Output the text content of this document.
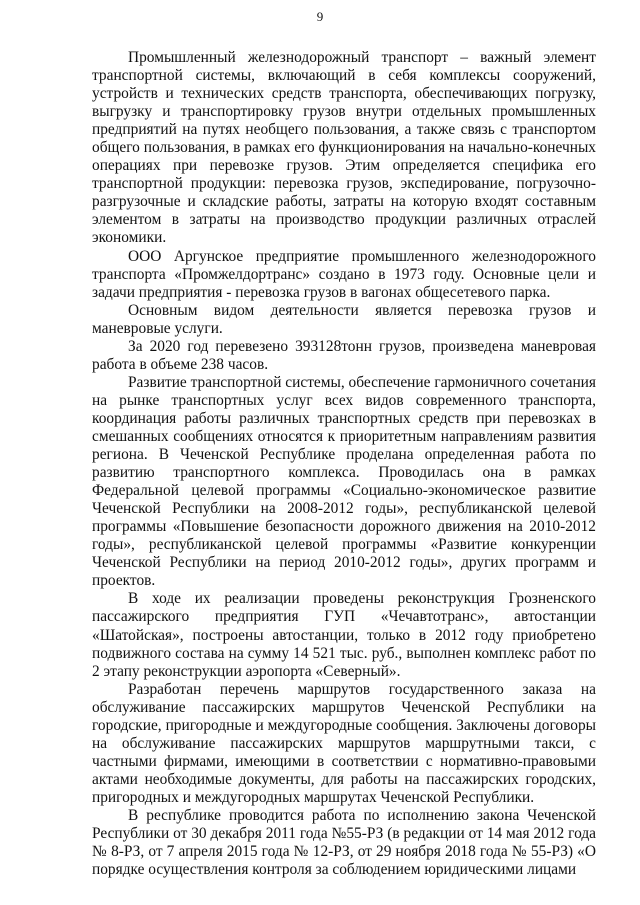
9

Промышленный железнодорожный транспорт – важный элемент транспортной системы, включающий в себя комплексы сооружений, устройств и технических средств транспорта, обеспечивающих погрузку, выгрузку и транспортировку грузов внутри отдельных промышленных предприятий на путях необщего пользования, а также связь с транспортом общего пользования, в рамках его функционирования на начально-конечных операциях при перевозке грузов. Этим определяется специфика его транспортной продукции: перевозка грузов, экспедирование, погрузочно-разгрузочные и складские работы, затраты на которую входят составным элементом в затраты на производство продукции различных отраслей экономики.

ООО Аргунское предприятие промышленного железнодорожного транспорта «Промжелдортранс» создано в 1973 году. Основные цели и задачи предприятия - перевозка грузов в вагонах общесетевого парка.

Основным видом деятельности является перевозка грузов и маневровые услуги.

За 2020 год перевезено 393128тонн грузов, произведена маневровая работа в объеме 238 часов.

Развитие транспортной системы, обеспечение гармоничного сочетания на рынке транспортных услуг всех видов современного транспорта, координация работы различных транспортных средств при перевозках в смешанных сообщениях относятся к приоритетным направлениям развития региона. В Чеченской Республике проделана определенная работа по развитию транспортного комплекса. Проводилась она в рамках Федеральной целевой программы «Социально-экономическое развитие Чеченской Республики на 2008-2012 годы», республиканской целевой программы «Повышение безопасности дорожного движения на 2010-2012 годы», республиканской целевой программы «Развитие конкуренции Чеченской Республики на период 2010-2012 годы», других программ и проектов.

В ходе их реализации проведены реконструкция Грозненского пассажирского предприятия ГУП «Чечавтотранс», автостанции «Шатойская», построены автостанции, только в 2012 году приобретено подвижного состава на сумму 14 521 тыс. руб., выполнен комплекс работ по 2 этапу реконструкции аэропорта «Северный».

Разработан перечень маршрутов государственного заказа на обслуживание пассажирских маршрутов Чеченской Республики на городские, пригородные и междугородные сообщения. Заключены договоры на обслуживание пассажирских маршрутов маршрутными такси, с частными фирмами, имеющими в соответствии с нормативно-правовыми актами необходимые документы, для работы на пассажирских городских, пригородных и междугородных маршрутах Чеченской Республики.

В республике проводится работа по исполнению закона Чеченской Республики от 30 декабря 2011 года №55-РЗ (в редакции от 14 мая 2012 года № 8-РЗ, от 7 апреля 2015 года № 12-РЗ, от 29 ноября 2018 года № 55-РЗ) «О порядке осуществления контроля за соблюдением юридическими лицами
